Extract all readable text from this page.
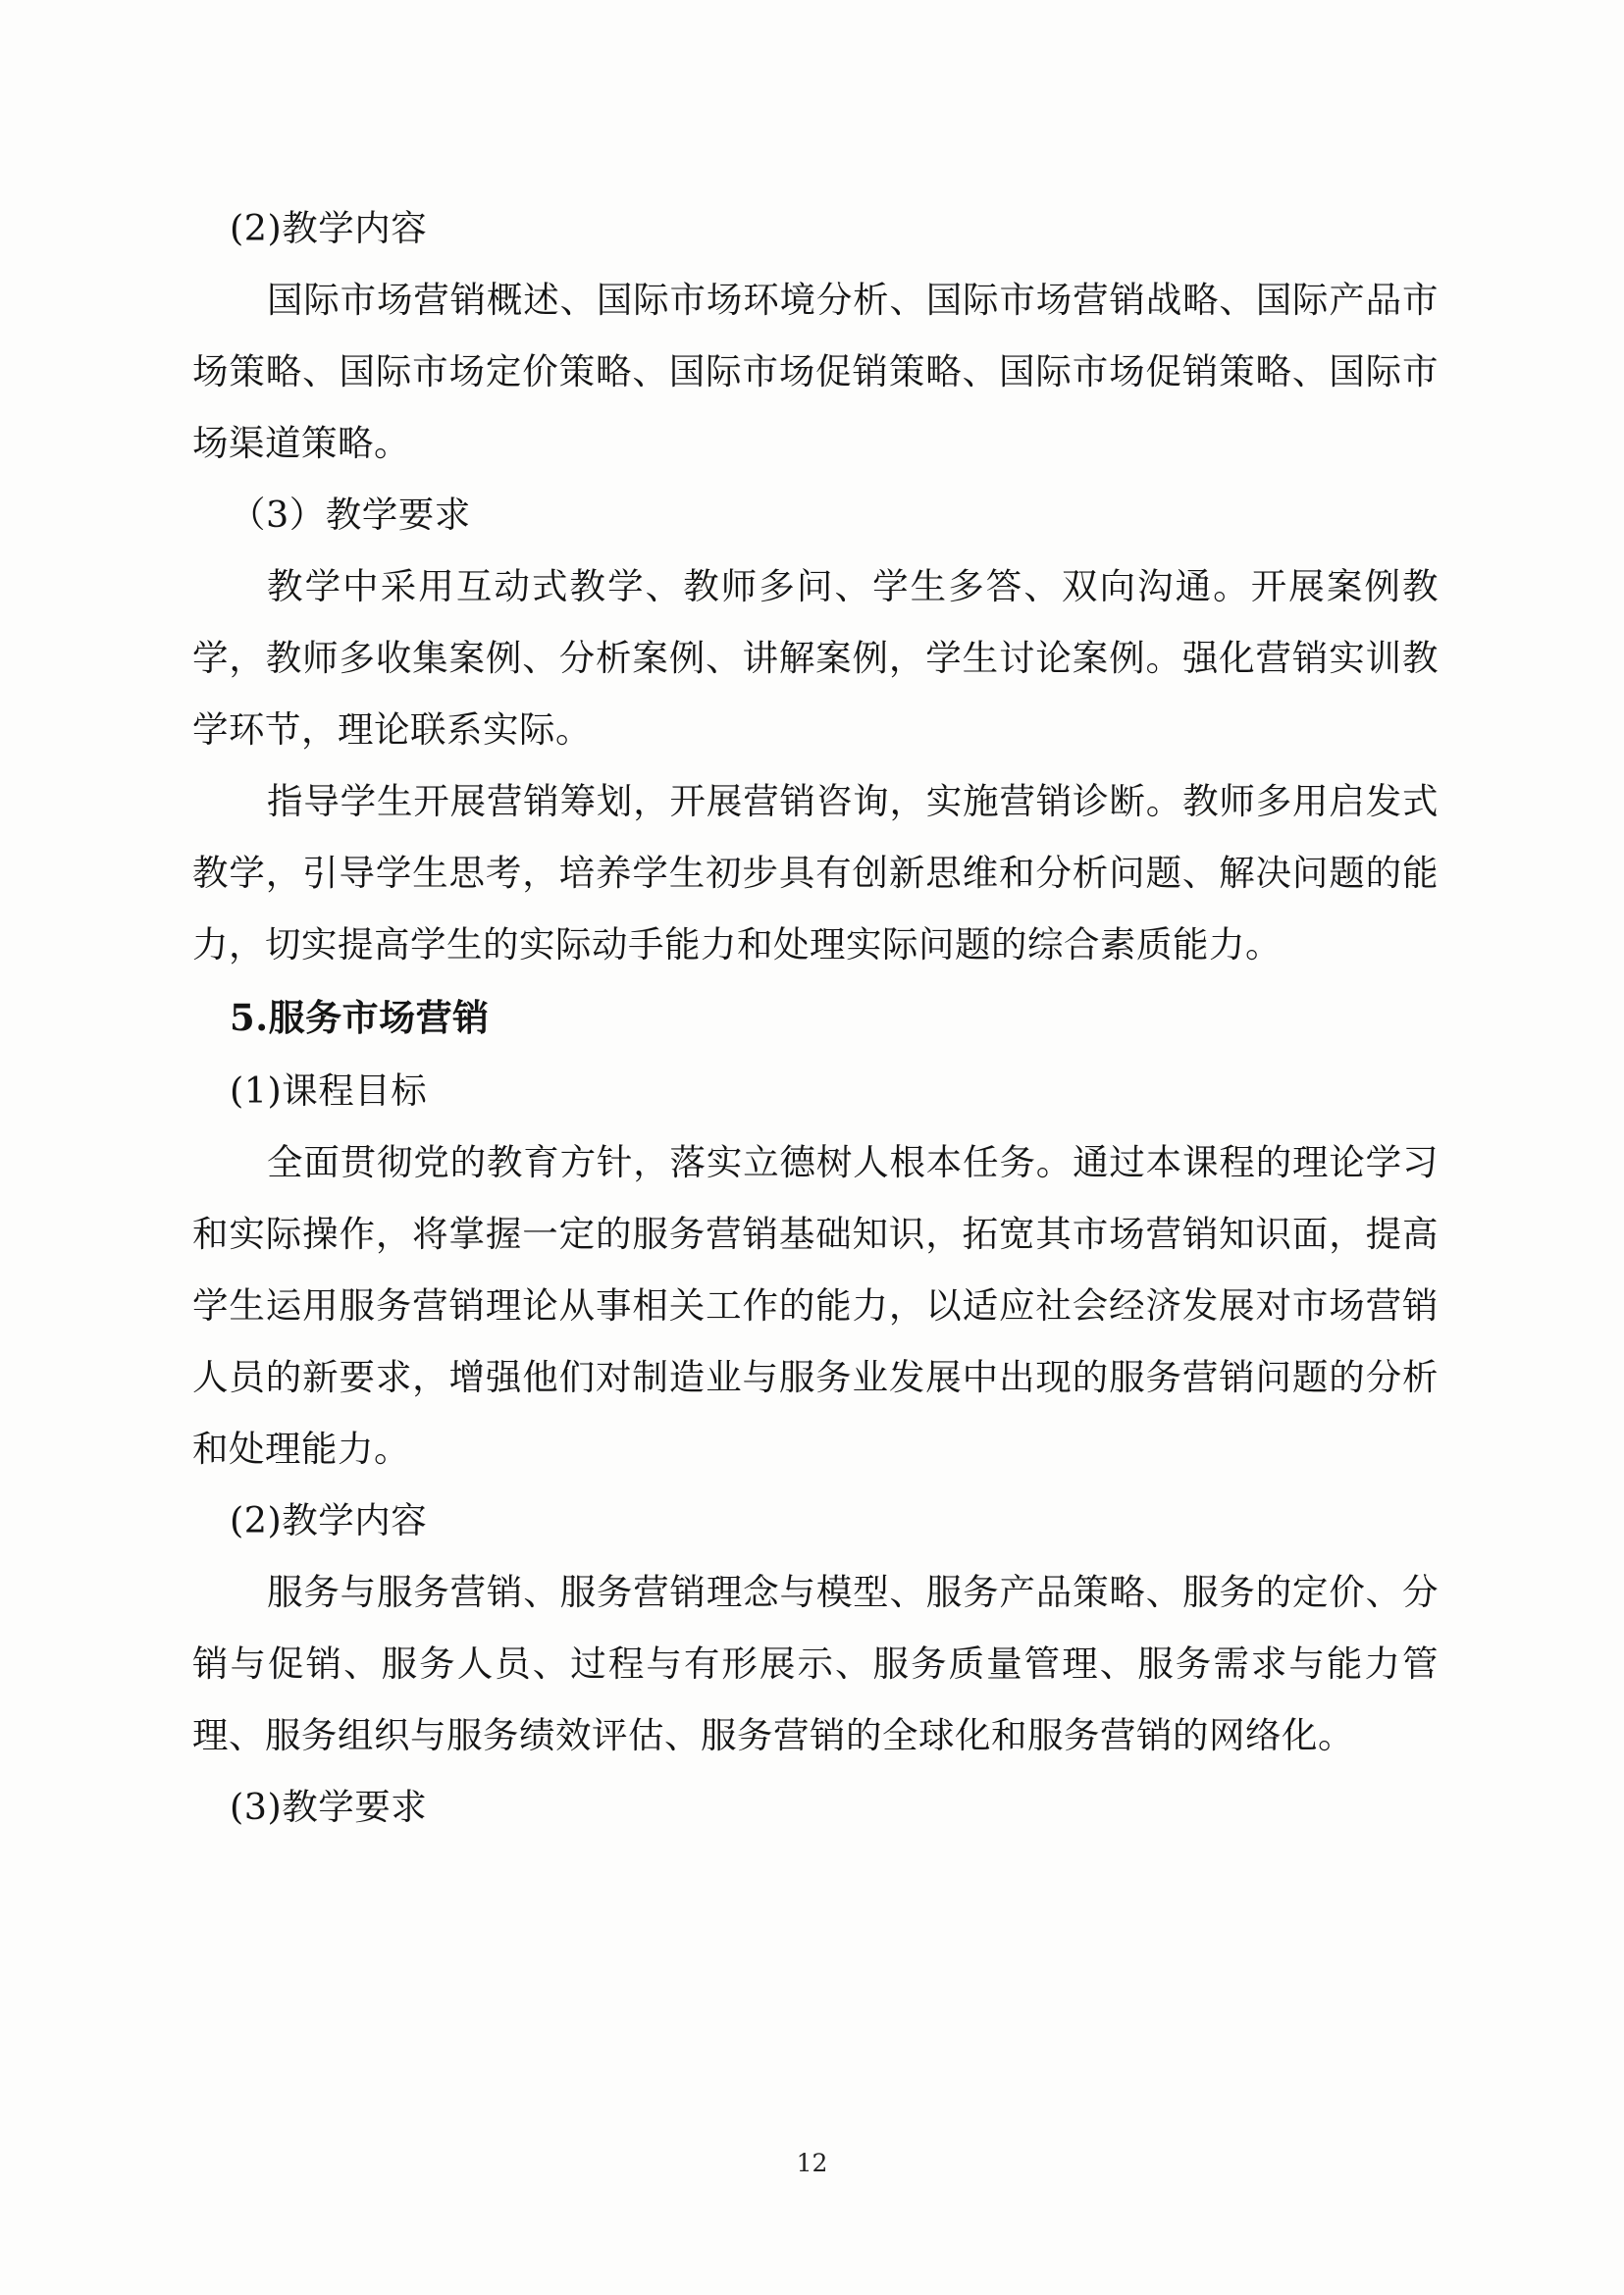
(2)教学内容

国际市场营销概述、国际市场环境分析、国际市场营销战略、国际产品市场策略、国际市场定价策略、国际市场促销策略、国际市场促销策略、国际市场渠道策略。

（3）教学要求

教学中采用互动式教学、教师多问、学生多答、双向沟通。开展案例教学，教师多收集案例、分析案例、讲解案例，学生讨论案例。强化营销实训教学环节，理论联系实际。

指导学生开展营销筹划，开展营销咨询，实施营销诊断。教师多用启发式教学，引导学生思考，培养学生初步具有创新思维和分析问题、解决问题的能力，切实提高学生的实际动手能力和处理实际问题的综合素质能力。

5.服务市场营销

(1)课程目标

全面贯彻党的教育方针，落实立德树人根本任务。通过本课程的理论学习和实际操作，将掌握一定的服务营销基础知识，拓宽其市场营销知识面，提高学生运用服务营销理论从事相关工作的能力，以适应社会经济发展对市场营销人员的新要求，增强他们对制造业与服务业发展中出现的服务营销问题的分析和处理能力。

(2)教学内容

服务与服务营销、服务营销理念与模型、服务产品策略、服务的定价、分销与促销、服务人员、过程与有形展示、服务质量管理、服务需求与能力管理、服务组织与服务绩效评估、服务营销的全球化和服务营销的网络化。

(3)教学要求

12
